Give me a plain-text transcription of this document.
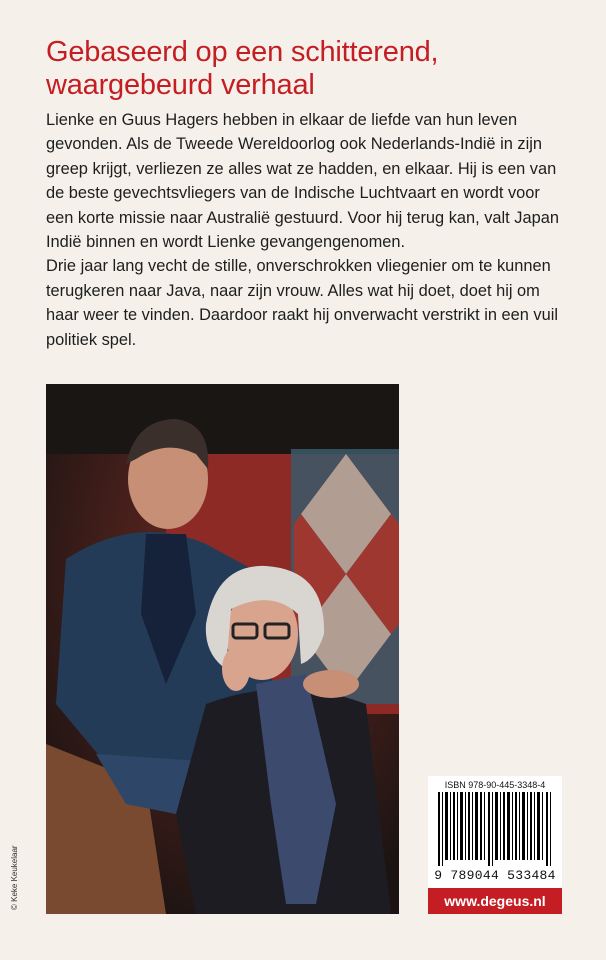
Gebaseerd op een schitterend, waargebeurd verhaal

Lienke en Guus Hagers hebben in elkaar de liefde van hun leven gevonden. Als de Tweede Wereldoorlog ook Nederlands-Indië in zijn greep krijgt, verliezen ze alles wat ze hadden, en elkaar. Hij is een van de beste gevechtsvliegers van de Indische Luchtvaart en wordt voor een korte missie naar Australië gestuurd. Voor hij terug kan, valt Japan Indië binnen en wordt Lienke gevangengenomen.

Drie jaar lang vecht de stille, onverschrokken vliegenier om te kunnen terugkeren naar Java, naar zijn vrouw. Alles wat hij doet, doet hij om haar weer te vinden. Daardoor raakt hij onverwacht verstrikt in een vuil politiek spel.

© Keke Keukelaar
ISBN 978-90-445-3348-4
9 789044 533484
www.degeus.nl
